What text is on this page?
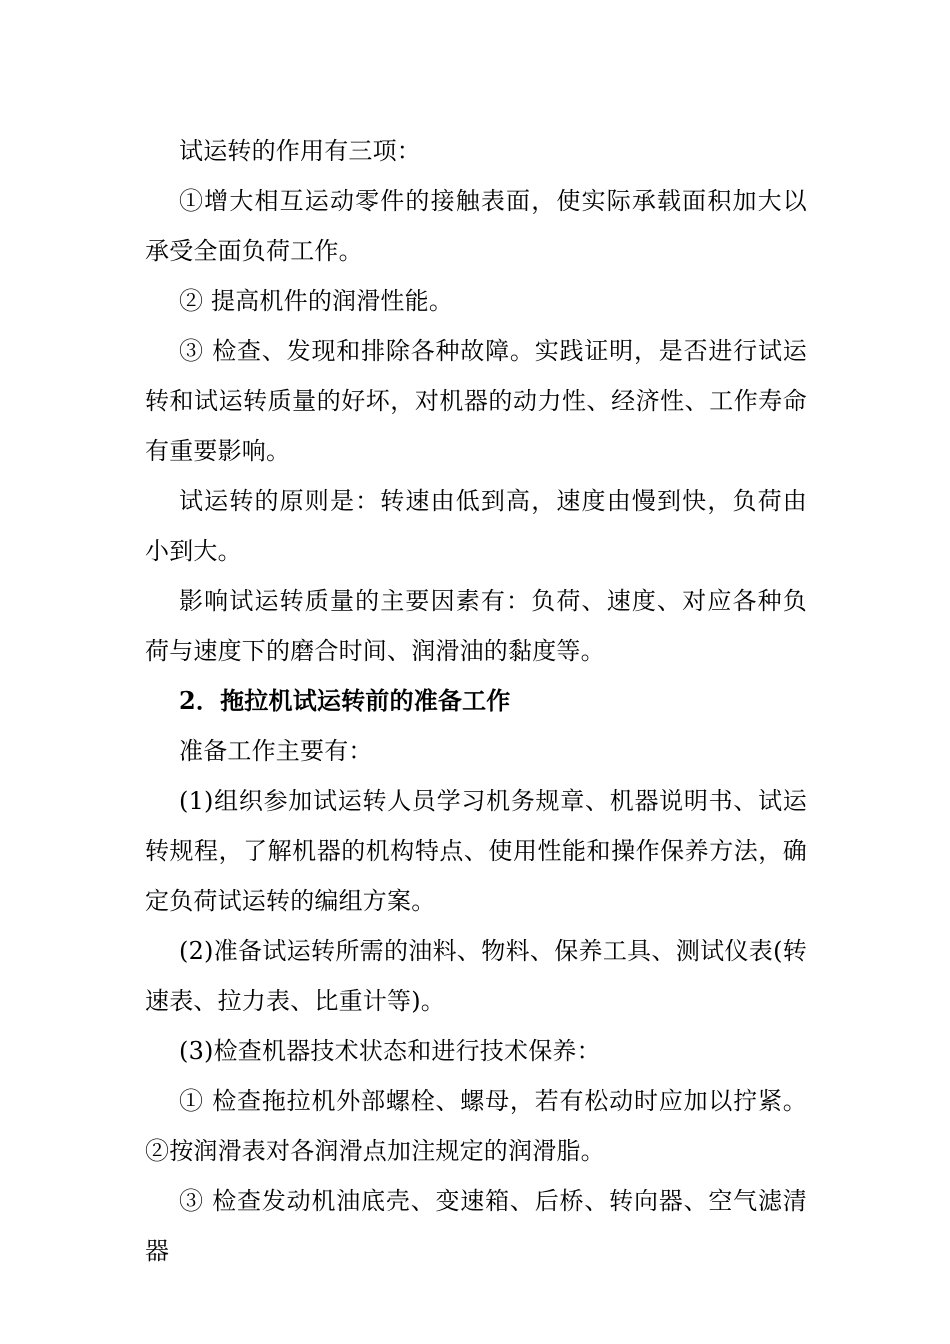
试运转的作用有三项：

①增大相互运动零件的接触表面，使实际承载面积加大以承受全面负荷工作。

② 提高机件的润滑性能。

③ 检查、发现和排除各种故障。实践证明，是否进行试运转和试运转质量的好坏，对机器的动力性、经济性、工作寿命有重要影响。

试运转的原则是：转速由低到高，速度由慢到快，负荷由小到大。

影响试运转质量的主要因素有：负荷、速度、对应各种负荷与速度下的磨合时间、润滑油的黏度等。

2．拖拉机试运转前的准备工作

准备工作主要有：

(1)组织参加试运转人员学习机务规章、机器说明书、试运转规程，了解机器的机构特点、使用性能和操作保养方法，确定负荷试运转的编组方案。

(2)准备试运转所需的油料、物料、保养工具、测试仪表(转速表、拉力表、比重计等)。

(3)检查机器技术状态和进行技术保养：

① 检查拖拉机外部螺栓、螺母，若有松动时应加以拧紧。②按润滑表对各润滑点加注规定的润滑脂。

③ 检查发动机油底壳、变速箱、后桥、转向器、空气滤清器
